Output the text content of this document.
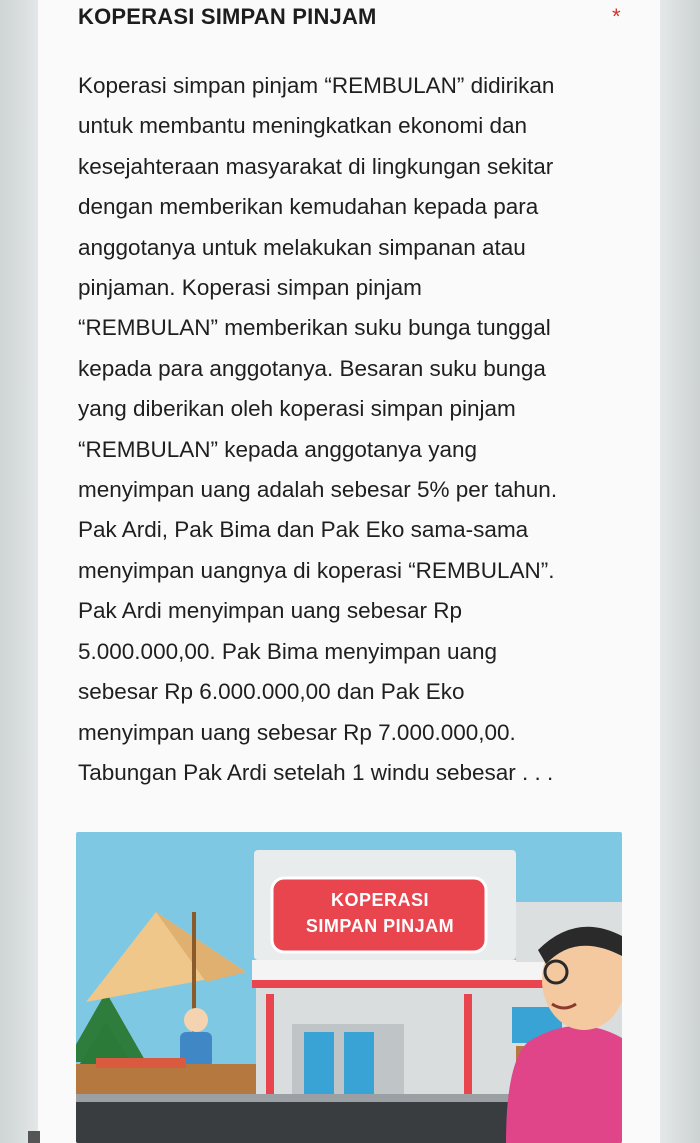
KOPERASI SIMPAN PINJAM	*
Koperasi simpan pinjam “REMBULAN” didirikan
untuk membantu meningkatkan ekonomi dan
kesejahteraan masyarakat di lingkungan sekitar
dengan memberikan kemudahan kepada para
anggotanya untuk melakukan simpanan atau
pinjaman. Koperasi simpan pinjam
“REMBULAN” memberikan suku bunga tunggal
kepada para anggotanya. Besaran suku bunga
yang diberikan oleh koperasi simpan pinjam
“REMBULAN” kepada anggotanya yang
menyimpan uang adalah sebesar 5% per tahun.
Pak Ardi, Pak Bima dan Pak Eko sama-sama
menyimpan uangnya di koperasi “REMBULAN”.
Pak Ardi menyimpan uang sebesar Rp
5.000.000,00. Pak Bima menyimpan uang
sebesar Rp 6.000.000,00 dan Pak Eko
menyimpan uang sebesar Rp 7.000.000,00.
Tabungan Pak Ardi setelah 1 windu sebesar . . .
KOPERASI
SIMPAN PINJAM
